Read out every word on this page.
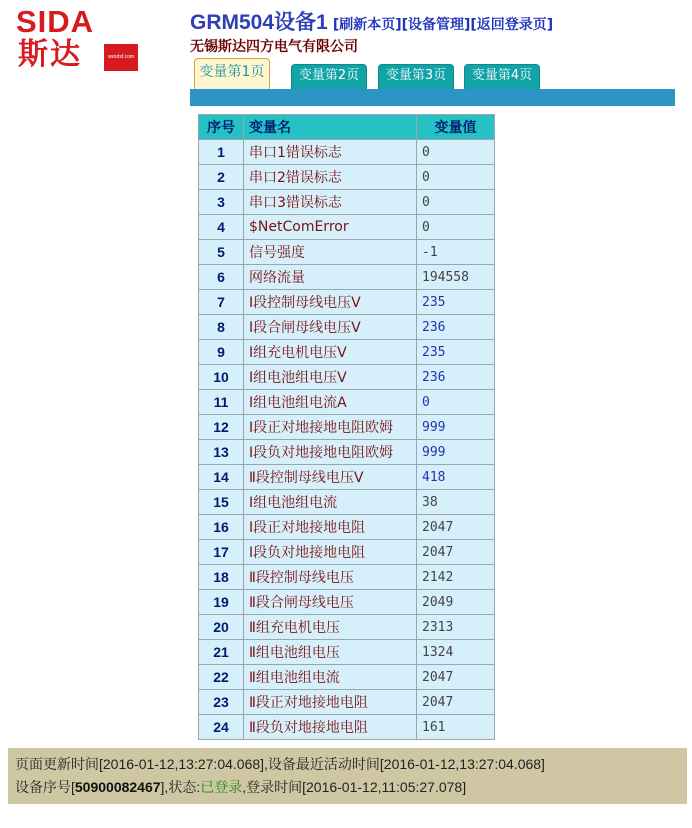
SIDA
斯达	wxsdsf.com
GRM504设备1 [刷新本页][设备管理][返回登录页]
无锡斯达四方电气有限公司
变量第1页	变量第2页	变量第3页	变量第4页
序号	变量名	变量值
1	串口1错误标志	0
2	串口2错误标志	0
3	串口3错误标志	0
4	$NetComError	0
5	信号强度	-1
6	网络流量	194558
7	I段控制母线电压V	235
8	I段合闸母线电压V	236
9	I组充电机电压V	235
10	I组电池组电压V	236
11	I组电池组电流A	0
12	I段正对地接地电阻欧姆	999
13	I段负对地接地电阻欧姆	999
14	Ⅱ段控制母线电压V	418
15	I组电池组电流	38
16	I段正对地接地电阻	2047
17	I段负对地接地电阻	2047
18	Ⅱ段控制母线电压	2142
19	Ⅱ段合闸母线电压	2049
20	Ⅱ组充电机电压	2313
21	Ⅱ组电池组电压	1324
22	Ⅱ组电池组电流	2047
23	Ⅱ段正对地接地电阻	2047
24	Ⅱ段负对地接地电阻	161
页面更新时间[2016-01-12,13:27:04.068],设备最近活动时间[2016-01-12,13:27:04.068]
设备序号[50900082467],状态:已登录,登录时间[2016-01-12,11:05:27.078]
